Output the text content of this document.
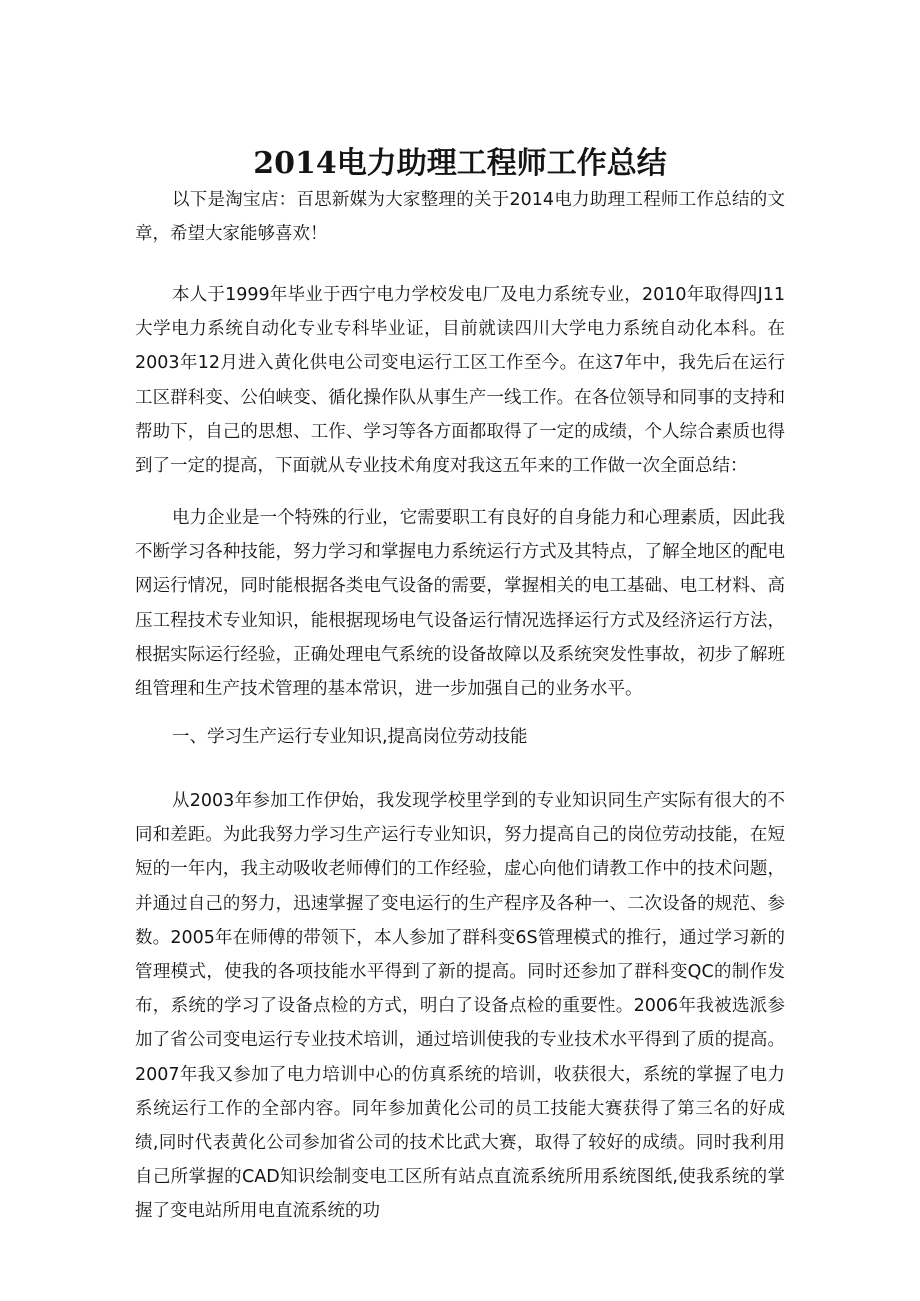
2014电力助理工程师工作总结

以下是淘宝店：百思新媒为大家整理的关于2014电力助理工程师工作总结的文章，希望大家能够喜欢！

本人于1999年毕业于西宁电力学校发电厂及电力系统专业，2010年取得四J11大学电力系统自动化专业专科毕业证，目前就读四川大学电力系统自动化本科。在2003年12月进入黄化供电公司变电运行工区工作至今。在这7年中，我先后在运行工区群科变、公伯峡变、循化操作队从事生产一线工作。在各位领导和同事的支持和帮助下，自己的思想、工作、学习等各方面都取得了一定的成绩，个人综合素质也得到了一定的提高，下面就从专业技术角度对我这五年来的工作做一次全面总结：

电力企业是一个特殊的行业，它需要职工有良好的自身能力和心理素质，因此我不断学习各种技能，努力学习和掌握电力系统运行方式及其特点，了解全地区的配电网运行情况，同时能根据各类电气设备的需要，掌握相关的电工基础、电工材料、高压工程技术专业知识，能根据现场电气设备运行情况选择运行方式及经济运行方法，根据实际运行经验，正确处理电气系统的设备故障以及系统突发性事故，初步了解班组管理和生产技术管理的基本常识，进一步加强自己的业务水平。

一、学习生产运行专业知识,提高岗位劳动技能

从2003年参加工作伊始，我发现学校里学到的专业知识同生产实际有很大的不同和差距。为此我努力学习生产运行专业知识，努力提高自己的岗位劳动技能，在短短的一年内，我主动吸收老师傅们的工作经验，虚心向他们请教工作中的技术问题，并通过自己的努力，迅速掌握了变电运行的生产程序及各种一、二次设备的规范、参数。2005年在师傅的带领下，本人参加了群科变6S管理模式的推行，通过学习新的管理模式，使我的各项技能水平得到了新的提高。同时还参加了群科变QC的制作发布，系统的学习了设备点检的方式，明白了设备点检的重要性。2006年我被选派参加了省公司变电运行专业技术培训，通过培训使我的专业技术水平得到了质的提高。2007年我又参加了电力培训中心的仿真系统的培训，收获很大，系统的掌握了电力系统运行工作的全部内容。同年参加黄化公司的员工技能大赛获得了第三名的好成绩,同时代表黄化公司参加省公司的技术比武大赛，取得了较好的成绩。同时我利用自己所掌握的CAD知识绘制变电工区所有站点直流系统所用系统图纸,使我系统的掌握了变电站所用电直流系统的功
